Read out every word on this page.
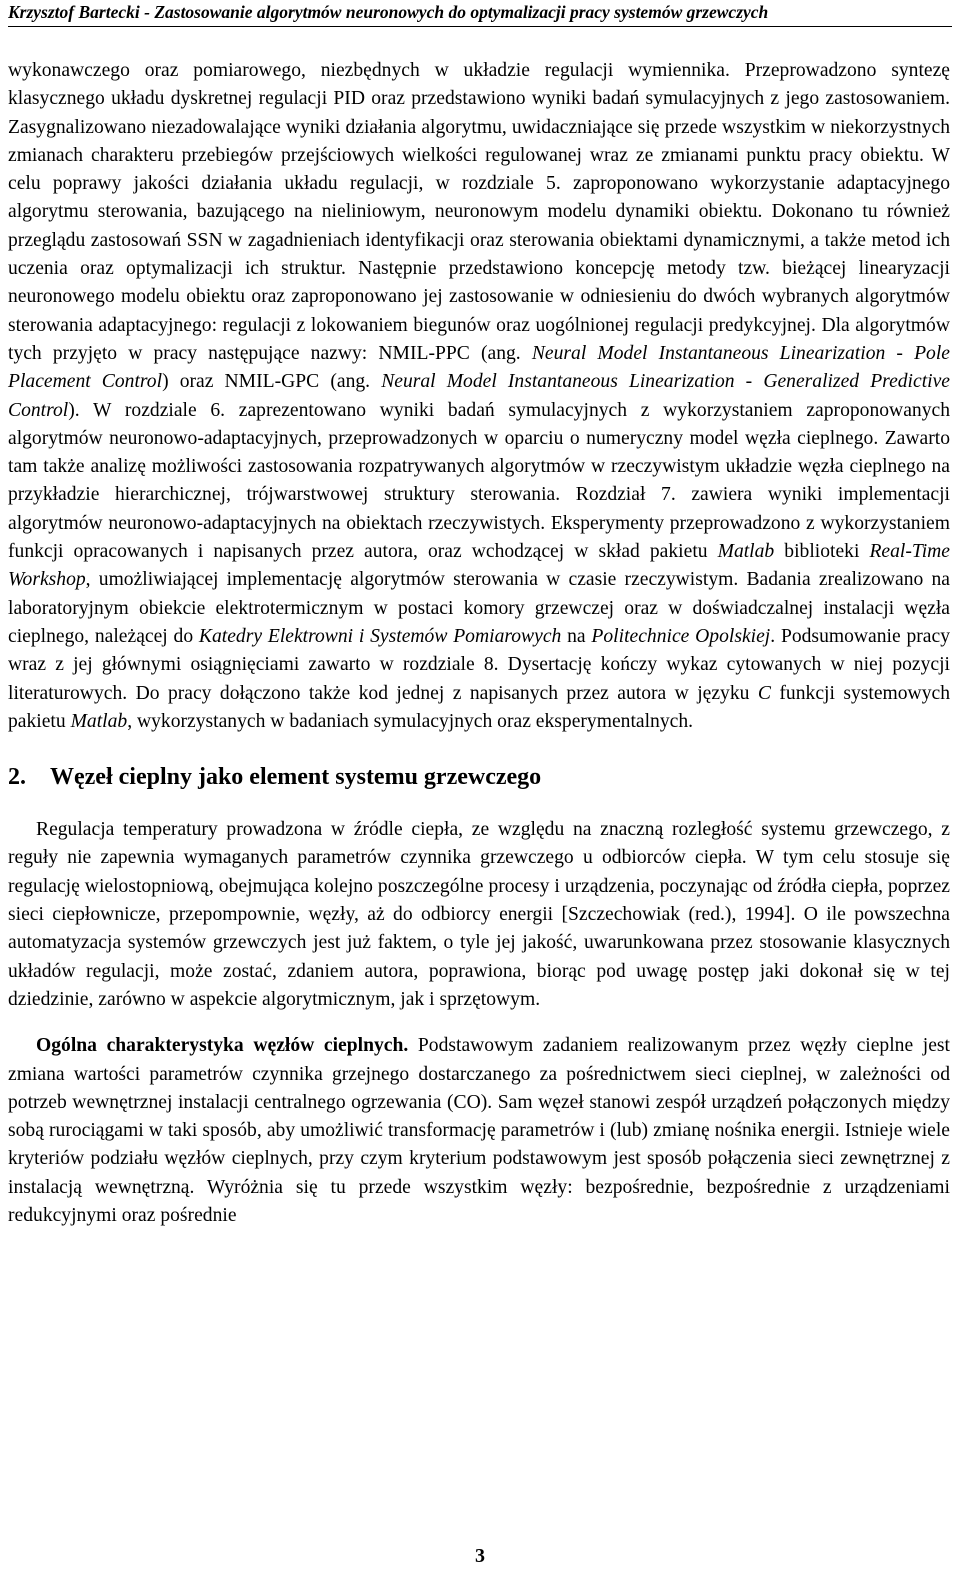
Krzysztof Bartecki - Zastosowanie algorytmów neuronowych do optymalizacji pracy systemów grzewczych

wykonawczego oraz pomiarowego, niezbędnych w układzie regulacji wymiennika. Przeprowadzono syntezę klasycznego układu dyskretnej regulacji PID oraz przedstawiono wyniki badań symulacyjnych z jego zastosowaniem. Zasygnalizowano niezadowalające wyniki działania algorytmu, uwidaczniające się przede wszystkim w niekorzystnych zmianach charakteru przebiegów przejściowych wielkości regulowanej wraz ze zmianami punktu pracy obiektu. W celu poprawy jakości działania układu regulacji, w rozdziale 5. zaproponowano wykorzystanie adaptacyjnego algorytmu sterowania, bazującego na nieliniowym, neuronowym modelu dynamiki obiektu. Dokonano tu również przeglądu zastosowań SSN w zagadnieniach identyfikacji oraz sterowania obiektami dynamicznymi, a także metod ich uczenia oraz optymalizacji ich struktur. Następnie przedstawiono koncepcję metody tzw. bieżącej linearyzacji neuronowego modelu obiektu oraz zaproponowano jej zastosowanie w odniesieniu do dwóch wybranych algorytmów sterowania adaptacyjnego: regulacji z lokowaniem biegunów oraz uogólnionej regulacji predykcyjnej. Dla algorytmów tych przyjęto w pracy następujące nazwy: NMIL-PPC (ang. Neural Model Instantaneous Linearization - Pole Placement Control) oraz NMIL-GPC (ang. Neural Model Instantaneous Linearization - Generalized Predictive Control). W rozdziale 6. zaprezentowano wyniki badań symulacyjnych z wykorzystaniem zaproponowanych algorytmów neuronowo-adaptacyjnych, przeprowadzonych w oparciu o numeryczny model węzła cieplnego. Zawarto tam także analizę możliwości zastosowania rozpatrywanych algorytmów w rzeczywistym układzie węzła cieplnego na przykładzie hierarchicznej, trójwarstwowej struktury sterowania. Rozdział 7. zawiera wyniki implementacji algorytmów neuronowo-adaptacyjnych na obiektach rzeczywistych. Eksperymenty przeprowadzono z wykorzystaniem funkcji opracowanych i napisanych przez autora, oraz wchodzącej w skład pakietu Matlab biblioteki Real-Time Workshop, umożliwiającej implementację algorytmów sterowania w czasie rzeczywistym. Badania zrealizowano na laboratoryjnym obiekcie elektrotermicznym w postaci komory grzewczej oraz w doświadczalnej instalacji węzła cieplnego, należącej do Katedry Elektrowni i Systemów Pomiarowych na Politechnice Opolskiej. Podsumowanie pracy wraz z jej głównymi osiągnięciami zawarto w rozdziale 8. Dysertację kończy wykaz cytowanych w niej pozycji literaturowych. Do pracy dołączono także kod jednej z napisanych przez autora w języku C funkcji systemowych pakietu Matlab, wykorzystanych w badaniach symulacyjnych oraz eksperymentalnych.

2. Węzeł cieplny jako element systemu grzewczego

Regulacja temperatury prowadzona w źródle ciepła, ze względu na znaczną rozległość systemu grzewczego, z reguły nie zapewnia wymaganych parametrów czynnika grzewczego u odbiorców ciepła. W tym celu stosuje się regulację wielostopniową, obejmująca kolejno poszczególne procesy i urządzenia, poczynając od źródła ciepła, poprzez sieci ciepłownicze, przepompownie, węzły, aż do odbiorcy energii [Szczechowiak (red.), 1994]. O ile powszechna automatyzacja systemów grzewczych jest już faktem, o tyle jej jakość, uwarunkowana przez stosowanie klasycznych układów regulacji, może zostać, zdaniem autora, poprawiona, biorąc pod uwagę postęp jaki dokonał się w tej dziedzinie, zarówno w aspekcie algorytmicznym, jak i sprzętowym.

Ogólna charakterystyka węzłów cieplnych. Podstawowym zadaniem realizowanym przez węzły cieplne jest zmiana wartości parametrów czynnika grzejnego dostarczanego za pośrednictwem sieci cieplnej, w zależności od potrzeb wewnętrznej instalacji centralnego ogrzewania (CO). Sam węzeł stanowi zespół urządzeń połączonych między sobą rurociągami w taki sposób, aby umożliwić transformację parametrów i (lub) zmianę nośnika energii. Istnieje wiele kryteriów podziału węzłów cieplnych, przy czym kryterium podstawowym jest sposób połączenia sieci zewnętrznej z instalacją wewnętrzną. Wyróżnia się tu przede wszystkim węzły: bezpośrednie, bezpośrednie z urządzeniami redukcyjnymi oraz pośrednie

3
